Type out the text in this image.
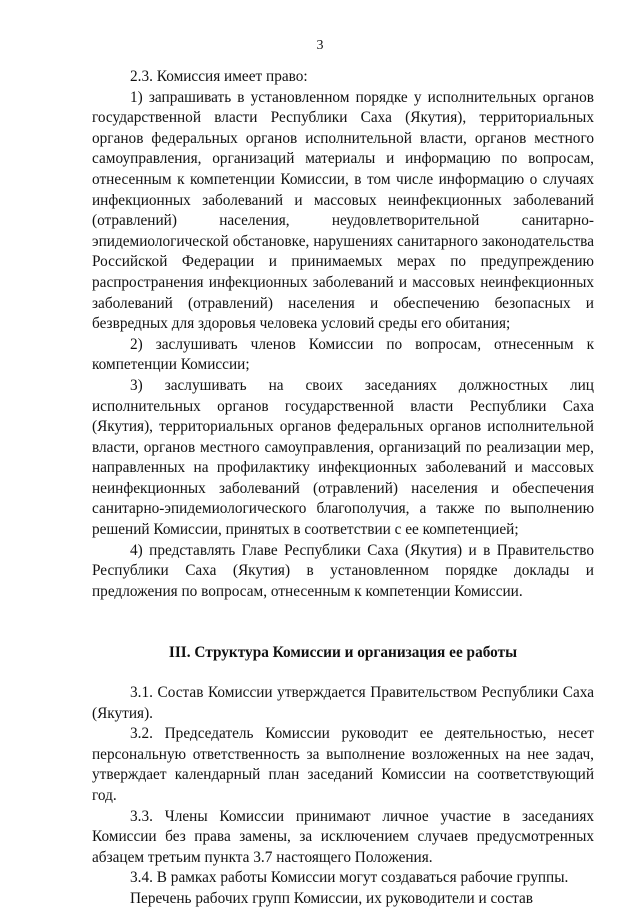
3

2.3. Комиссия имеет право:

1) запрашивать в установленном порядке у исполнительных органов государственной власти Республики Саха (Якутия), территориальных органов федеральных органов исполнительной власти, органов местного самоуправления, организаций материалы и информацию по вопросам, отнесенным к компетенции Комиссии, в том числе информацию о случаях инфекционных заболеваний и массовых неинфекционных заболеваний (отравлений) населения, неудовлетворительной санитарно-эпидемиологической обстановке, нарушениях санитарного законодательства Российской Федерации и принимаемых мерах по предупреждению распространения инфекционных заболеваний и массовых неинфекционных заболеваний (отравлений) населения и обеспечению безопасных и безвредных для здоровья человека условий среды его обитания;

2) заслушивать членов Комиссии по вопросам, отнесенным к компетенции Комиссии;

3) заслушивать на своих заседаниях должностных лиц исполнительных органов государственной власти Республики Саха (Якутия), территориальных органов федеральных органов исполнительной власти, органов местного самоуправления, организаций по реализации мер, направленных на профилактику инфекционных заболеваний и массовых неинфекционных заболеваний (отравлений) населения и обеспечения санитарно-эпидемиологического благополучия, а также по выполнению решений Комиссии, принятых в соответствии с ее компетенцией;

4) представлять Главе Республики Саха (Якутия) и в Правительство Республики Саха (Якутия) в установленном порядке доклады и предложения по вопросам, отнесенным к компетенции Комиссии.

III. Структура Комиссии и организация ее работы

3.1. Состав Комиссии утверждается Правительством Республики Саха (Якутия).

3.2. Председатель Комиссии руководит ее деятельностью, несет персональную ответственность за выполнение возложенных на нее задач, утверждает календарный план заседаний Комиссии на соответствующий год.

3.3. Члены Комиссии принимают личное участие в заседаниях Комиссии без права замены, за исключением случаев предусмотренных абзацем третьим пункта 3.7 настоящего Положения.

3.4. В рамках работы Комиссии могут создаваться рабочие группы.

Перечень рабочих групп Комиссии, их руководители и состав
